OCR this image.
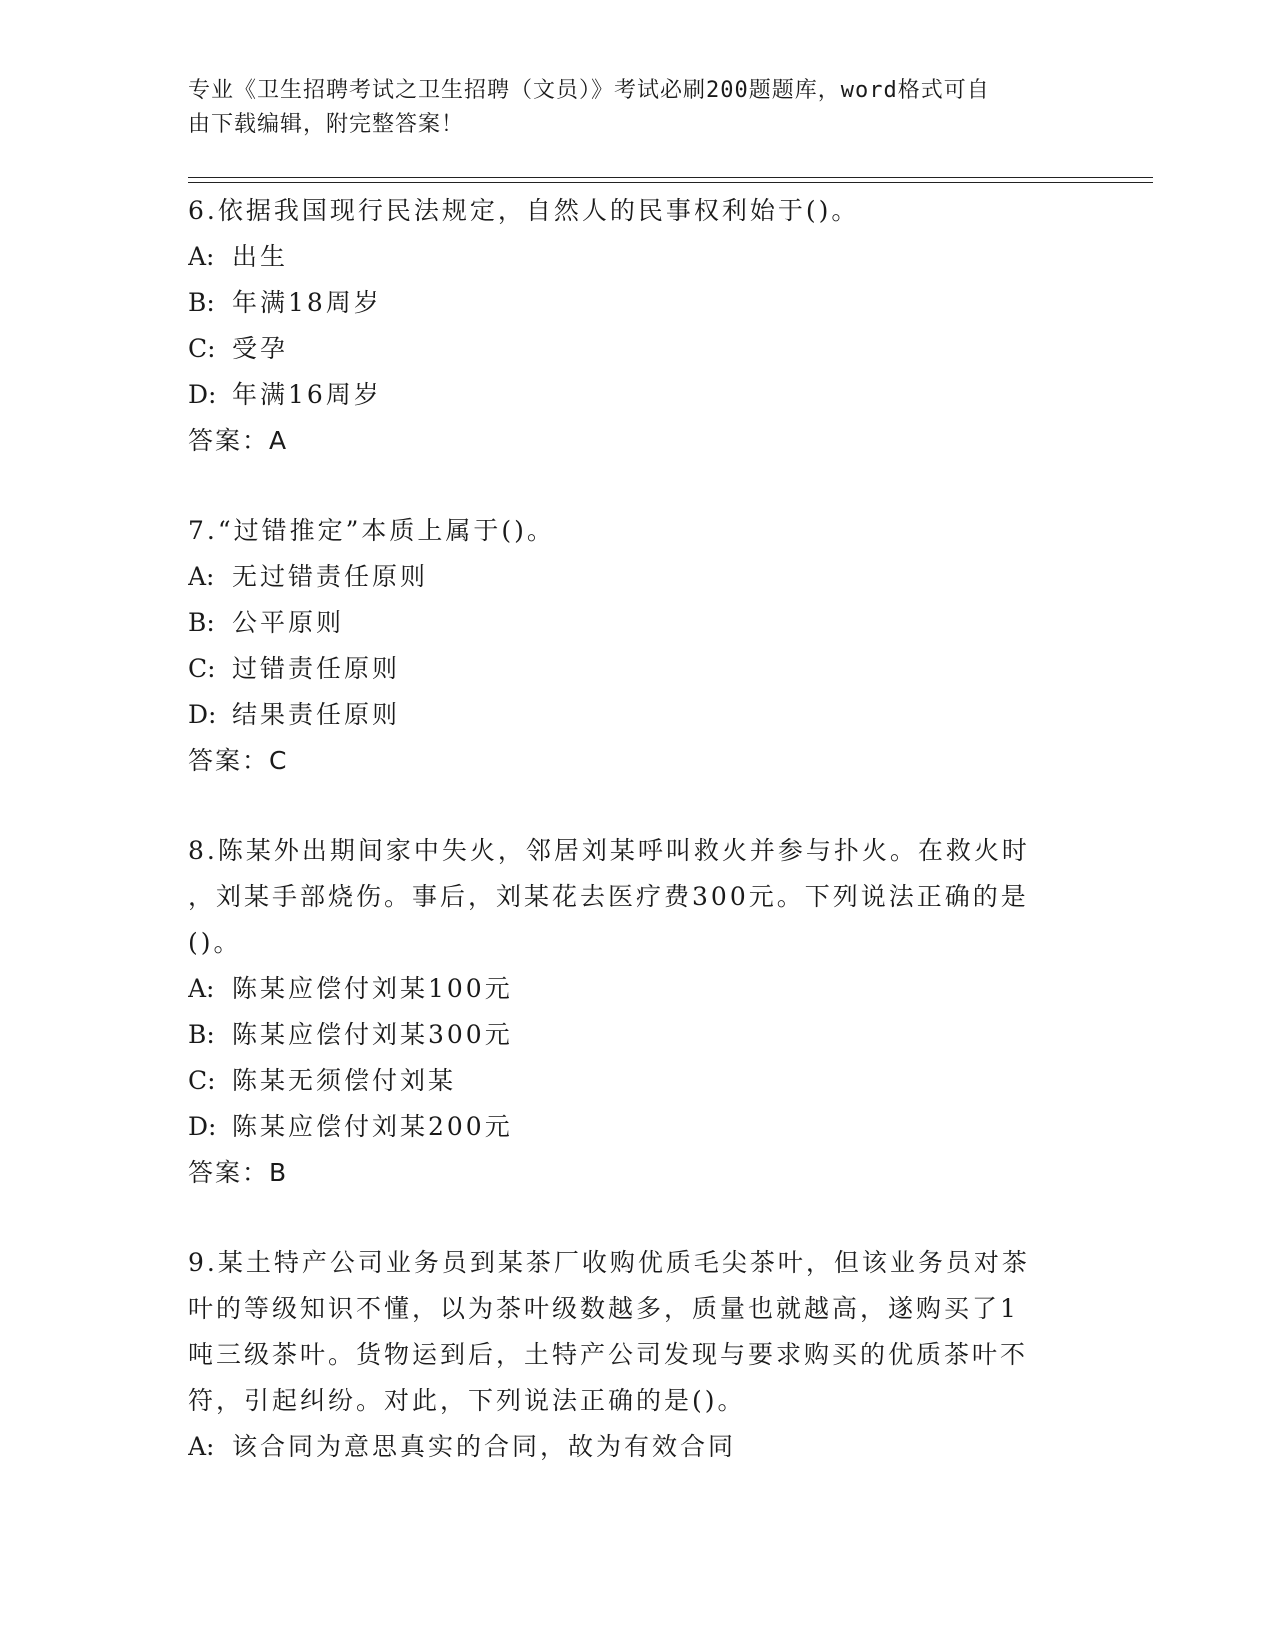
专业《卫生招聘考试之卫生招聘（文员）》考试必刷200题题库，word格式可自
由下载编辑，附完整答案！
6.依据我国现行民法规定，自然人的民事权利始于()。
A: 出生
B: 年满18周岁
C: 受孕
D: 年满16周岁
答案：A
7.“过错推定”本质上属于()。
A: 无过错责任原则
B: 公平原则
C: 过错责任原则
D: 结果责任原则
答案：C
8.陈某外出期间家中失火，邻居刘某呼叫救火并参与扑火。在救火时
，刘某手部烧伤。事后，刘某花去医疗费300元。下列说法正确的是
()。
A: 陈某应偿付刘某100元
B: 陈某应偿付刘某300元
C: 陈某无须偿付刘某
D: 陈某应偿付刘某200元
答案：B
9.某土特产公司业务员到某茶厂收购优质毛尖茶叶，但该业务员对茶
叶的等级知识不懂，以为茶叶级数越多，质量也就越高，遂购买了1
吨三级茶叶。货物运到后，土特产公司发现与要求购买的优质茶叶不
符，引起纠纷。对此，下列说法正确的是()。
A: 该合同为意思真实的合同，故为有效合同
